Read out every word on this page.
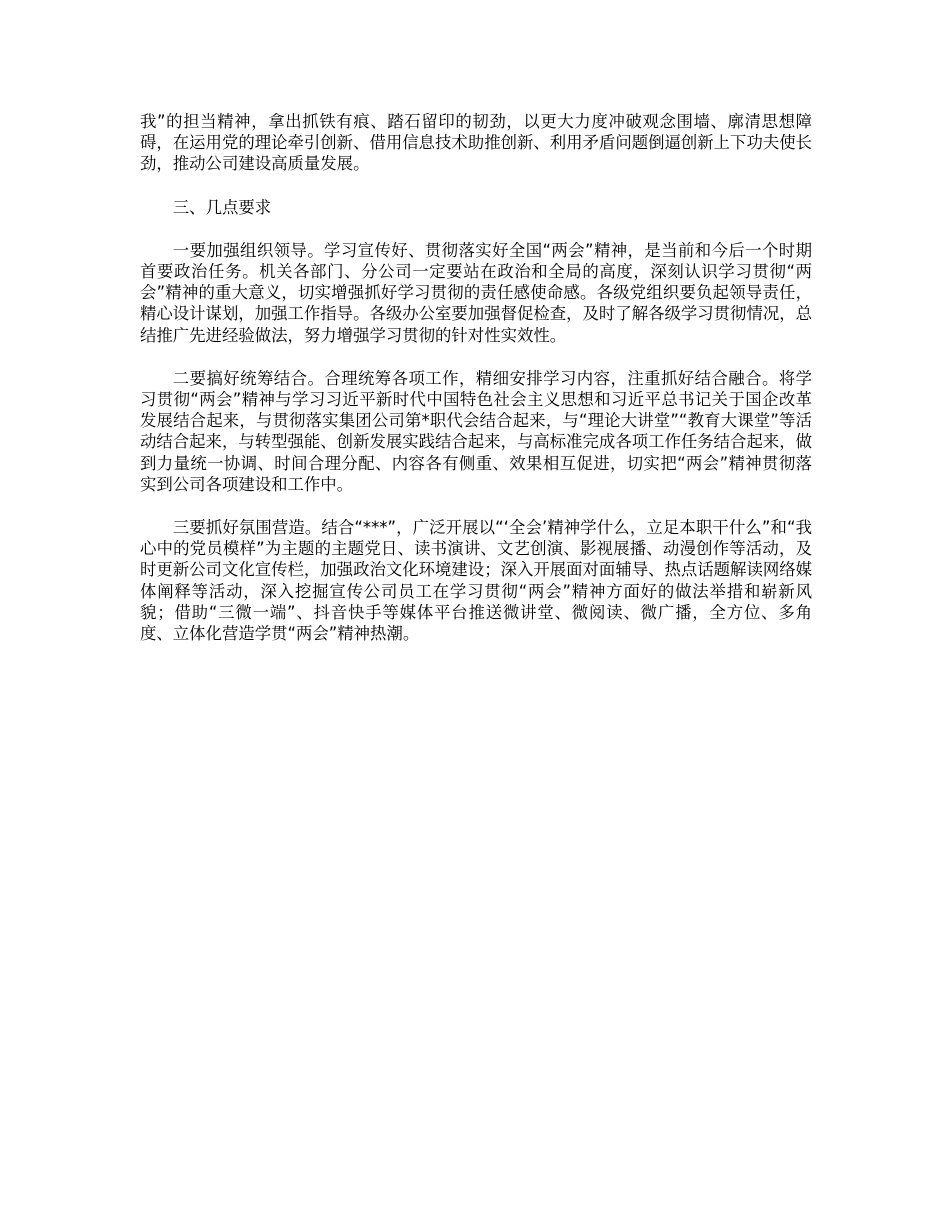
我”的担当精神，拿出抓铁有痕、踏石留印的韧劲，以更大力度冲破观念围墙、廓清思想障碍，在运用党的理论牵引创新、借用信息技术助推创新、利用矛盾问题倒逼创新上下功夫使长劲，推动公司建设高质量发展。

三、几点要求

一要加强组织领导。学习宣传好、贯彻落实好全国“两会”精神，是当前和今后一个时期首要政治任务。机关各部门、分公司一定要站在政治和全局的高度，深刻认识学习贯彻“两会”精神的重大意义，切实增强抓好学习贯彻的责任感使命感。各级党组织要负起领导责任，精心设计谋划，加强工作指导。各级办公室要加强督促检查，及时了解各级学习贯彻情况，总结推广先进经验做法，努力增强学习贯彻的针对性实效性。

二要搞好统筹结合。合理统筹各项工作，精细安排学习内容，注重抓好结合融合。将学习贯彻“两会”精神与学习习近平新时代中国特色社会主义思想和习近平总书记关于国企改革发展结合起来，与贯彻落实集团公司第*职代会结合起来，与“理论大讲堂”“教育大课堂”等活动结合起来，与转型强能、创新发展实践结合起来，与高标准完成各项工作任务结合起来，做到力量统一协调、时间合理分配、内容各有侧重、效果相互促进，切实把“两会”精神贯彻落实到公司各项建设和工作中。

三要抓好氛围营造。结合“***”，广泛开展以“‘全会’精神学什么，立足本职干什么”和“我心中的党员模样”为主题的主题党日、读书演讲、文艺创演、影视展播、动漫创作等活动，及时更新公司文化宣传栏，加强政治文化环境建设；深入开展面对面辅导、热点话题解读网络媒体阐释等活动，深入挖掘宣传公司员工在学习贯彻“两会”精神方面好的做法举措和崭新风貌；借助“三微一端”、抖音快手等媒体平台推送微讲堂、微阅读、微广播，全方位、多角度、立体化营造学贯“两会”精神热潮。
